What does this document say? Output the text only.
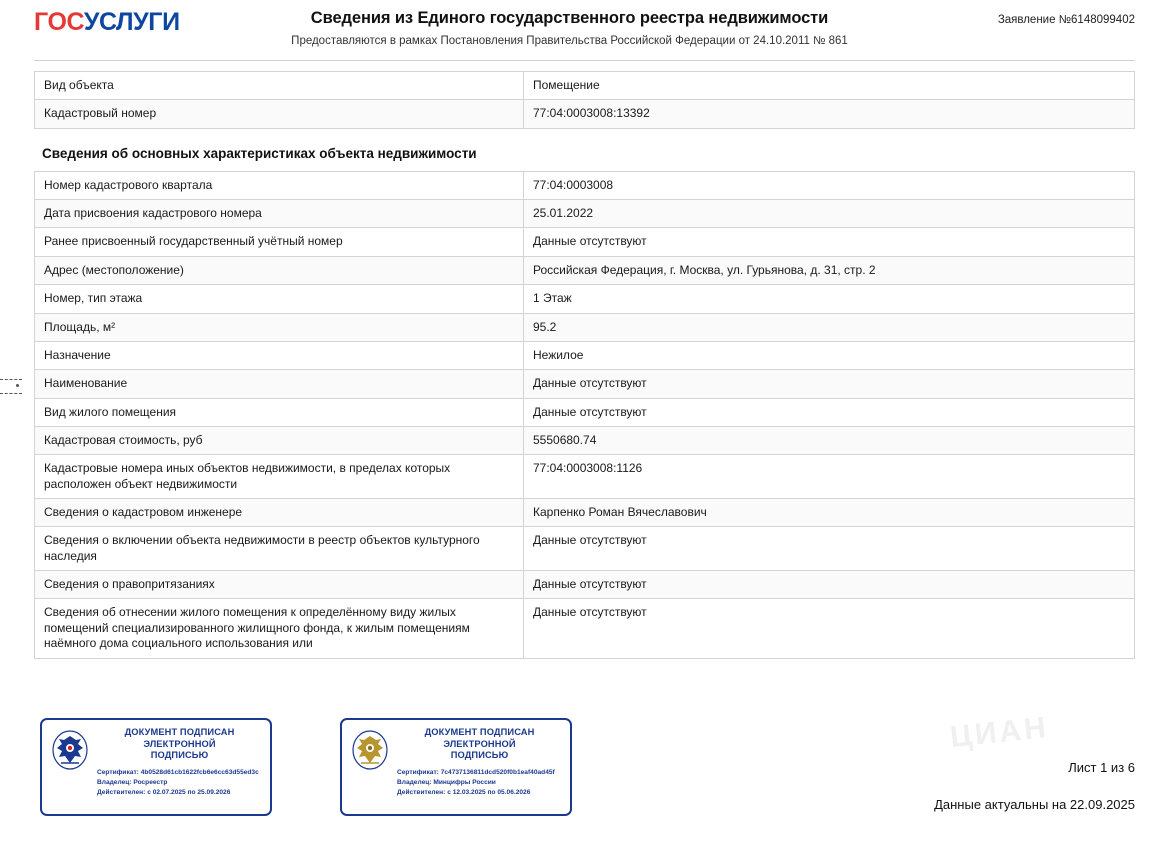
ГОСУСЛУГИ	Сведения из Единого государственного реестра недвижимости
Предоставляются в рамках Постановления Правительства Российской Федерации от 24.10.2011 № 861
Заявление №6148099402
Вид объекта	Помещение
Кадастровый номер	77:04:0003008:13392
Сведения об основных характеристиках объекта недвижимости
Номер кадастрового квартала	77:04:0003008
Дата присвоения кадастрового номера	25.01.2022
Ранее присвоенный государственный учётный номер	Данные отсутствуют
Адрес (местоположение)	Российская Федерация, г. Москва, ул. Гурьянова, д. 31, стр. 2
Номер, тип этажа	1 Этаж
Площадь, м²	95.2
Назначение	Нежилое
Наименование	Данные отсутствуют
Вид жилого помещения	Данные отсутствуют
Кадастровая стоимость, руб	5550680.74
Кадастровые номера иных объектов недвижимости, в пределах которых расположен объект недвижимости	77:04:0003008:1126
Сведения о кадастровом инженере	Карпенко Роман Вячеславович
Сведения о включении объекта недвижимости в реестр объектов культурного наследия	Данные отсутствуют
Сведения о правопритязаниях	Данные отсутствуют
Сведения об отнесении жилого помещения к определённому виду жилых помещений специализированного жилищного фонда, к жилым помещениям наёмного дома социального использования или	Данные отсутствуют
ЦИАН
ДОКУМЕНТ ПОДПИСАН
ЭЛЕКТРОННОЙ
ПОДПИСЬЮ
Сертификат: 4b0528d61cb1622fcb6e6cc63d55ed3c
Владелец: Росреестр
Действителен: с 02.07.2025 по 25.09.2026
ДОКУМЕНТ ПОДПИСАН
ЭЛЕКТРОННОЙ
ПОДПИСЬЮ
Сертификат: 7c4737136811dcd520f0b1eaf40ad45f
Владелец: Минцифры России
Действителен: с 12.03.2025 по 05.06.2026
Лист 1 из 6
Данные актуальны на 22.09.2025
